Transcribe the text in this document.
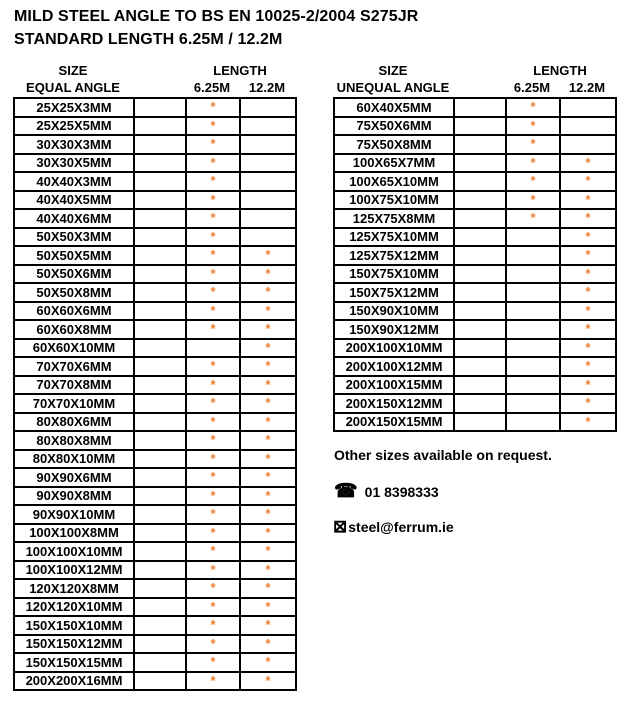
MILD STEEL ANGLE TO BS EN 10025-2/2004 S275JR
STANDARD LENGTH 6.25M / 12.2M
SIZE	LENGTH
EQUAL ANGLE	6.25M	12.2M
25X25X3MM		*	
25X25X5MM		*	
30X30X3MM		*	
30X30X5MM		*	
40X40X3MM		*	
40X40X5MM		*	
40X40X6MM		*	
50X50X3MM		*	
50X50X5MM		*	*
50X50X6MM		*	*
50X50X8MM		*	*
60X60X6MM		*	*
60X60X8MM		*	*
60X60X10MM			*
70X70X6MM		*	*
70X70X8MM		*	*
70X70X10MM		*	*
80X80X6MM		*	*
80X80X8MM		*	*
80X80X10MM		*	*
90X90X6MM		*	*
90X90X8MM		*	*
90X90X10MM		*	*
100X100X8MM		*	*
100X100X10MM		*	*
100X100X12MM		*	*
120X120X8MM		*	*
120X120X10MM		*	*
150X150X10MM		*	*
150X150X12MM		*	*
150X150X15MM		*	*
200X200X16MM		*	*
SIZE	LENGTH
UNEQUAL ANGLE	6.25M	12.2M
60X40X5MM		*	
75X50X6MM		*	
75X50X8MM		*	
100X65X7MM		*	*
100X65X10MM		*	*
100X75X10MM		*	*
125X75X8MM		*	*
125X75X10MM			*
125X75X12MM			*
150X75X10MM			*
150X75X12MM			*
150X90X10MM			*
150X90X12MM			*
200X100X10MM			*
200X100X12MM			*
200X100X15MM			*
200X150X12MM			*
200X150X15MM			*
Other sizes available on request.
☎ 01 8398333
⊠ steel@ferrum.ie
